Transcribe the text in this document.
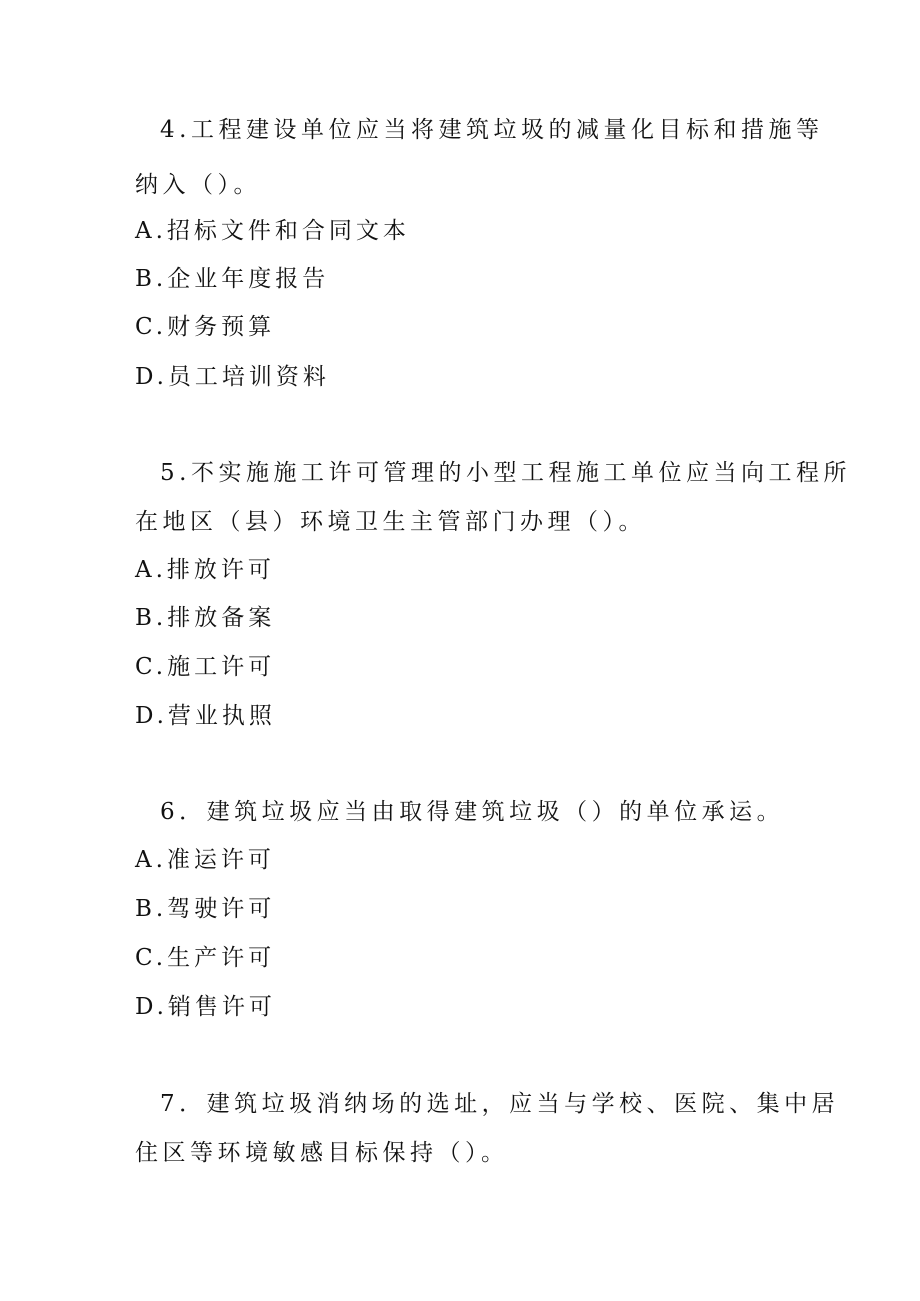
4.工程建设单位应当将建筑垃圾的减量化目标和措施等
纳入（）。
A.招标文件和合同文本
B.企业年度报告
C.财务预算
D.员工培训资料
5.不实施施工许可管理的小型工程施工单位应当向工程所
在地区（县）环境卫生主管部门办理（）。
A.排放许可
B.排放备案
C.施工许可
D.营业执照
6．建筑垃圾应当由取得建筑垃圾（）的单位承运。
A.准运许可
B.驾驶许可
C.生产许可
D.销售许可
7．建筑垃圾消纳场的选址，应当与学校、医院、集中居
住区等环境敏感目标保持（）。
